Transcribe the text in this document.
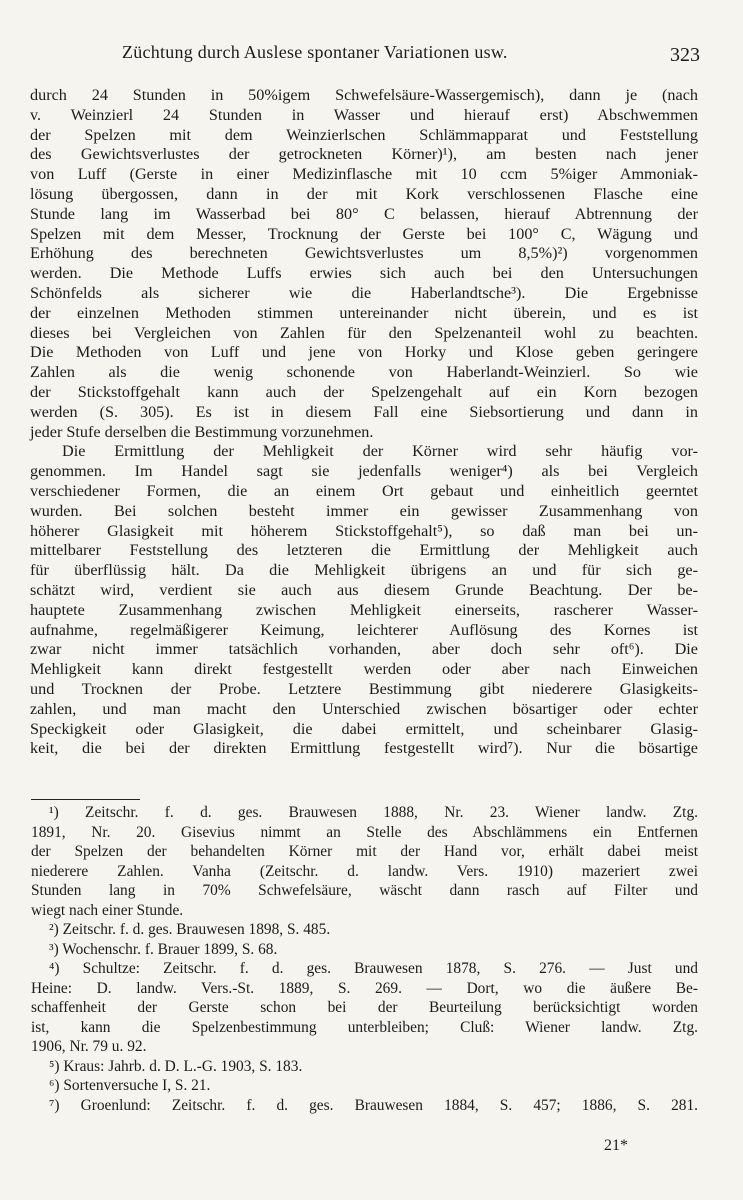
Züchtung durch Auslese spontaner Variationen usw.	323
durch 24 Stunden in 50%igem Schwefelsäure-Wassergemisch), dann je (nach
v. Weinzierl 24 Stunden in Wasser und hierauf erst) Abschwemmen
der Spelzen mit dem Weinzierlschen Schlämmapparat und Feststellung
des Gewichtsverlustes der getrockneten Körner)¹), am besten nach jener
von Luff (Gerste in einer Medizinflasche mit 10 ccm 5%iger Ammoniak-
lösung übergossen, dann in der mit Kork verschlossenen Flasche eine
Stunde lang im Wasserbad bei 80° C belassen, hierauf Abtrennung der
Spelzen mit dem Messer, Trocknung der Gerste bei 100° C, Wägung und
Erhöhung des berechneten Gewichtsverlustes um 8,5%)²) vorgenommen
werden. Die Methode Luffs erwies sich auch bei den Untersuchungen
Schönfelds als sicherer wie die Haberlandtsche³). Die Ergebnisse
der einzelnen Methoden stimmen untereinander nicht überein, und es ist
dieses bei Vergleichen von Zahlen für den Spelzenanteil wohl zu beachten.
Die Methoden von Luff und jene von Horky und Klose geben geringere
Zahlen als die wenig schonende von Haberlandt-Weinzierl. So wie
der Stickstoffgehalt kann auch der Spelzengehalt auf ein Korn bezogen
werden (S. 305). Es ist in diesem Fall eine Siebsortierung und dann in
jeder Stufe derselben die Bestimmung vorzunehmen.
Die Ermittlung der Mehligkeit der Körner wird sehr häufig vor-
genommen. Im Handel sagt sie jedenfalls weniger⁴) als bei Vergleich
verschiedener Formen, die an einem Ort gebaut und einheitlich geerntet
wurden. Bei solchen besteht immer ein gewisser Zusammenhang von
höherer Glasigkeit mit höherem Stickstoffgehalt⁵), so daß man bei un-
mittelbarer Feststellung des letzteren die Ermittlung der Mehligkeit auch
für überflüssig hält. Da die Mehligkeit übrigens an und für sich ge-
schätzt wird, verdient sie auch aus diesem Grunde Beachtung. Der be-
hauptete Zusammenhang zwischen Mehligkeit einerseits, rascherer Wasser-
aufnahme, regelmäßigerer Keimung, leichterer Auflösung des Kornes ist
zwar nicht immer tatsächlich vorhanden, aber doch sehr oft⁶). Die
Mehligkeit kann direkt festgestellt werden oder aber nach Einweichen
und Trocknen der Probe. Letztere Bestimmung gibt niederere Glasigkeits-
zahlen, und man macht den Unterschied zwischen bösartiger oder echter
Speckigkeit oder Glasigkeit, die dabei ermittelt, und scheinbarer Glasig-
keit, die bei der direkten Ermittlung festgestellt wird⁷). Nur die bösartige
¹) Zeitschr. f. d. ges. Brauwesen 1888, Nr. 23. Wiener landw. Ztg.
1891, Nr. 20. Gisevius nimmt an Stelle des Abschlämmens ein Entfernen
der Spelzen der behandelten Körner mit der Hand vor, erhält dabei meist
niederere Zahlen. Vanha (Zeitschr. d. landw. Vers. 1910) mazeriert zwei
Stunden lang in 70% Schwefelsäure, wäscht dann rasch auf Filter und
wiegt nach einer Stunde.
²) Zeitschr. f. d. ges. Brauwesen 1898, S. 485.
³) Wochenschr. f. Brauer 1899, S. 68.
⁴) Schultze: Zeitschr. f. d. ges. Brauwesen 1878, S. 276. — Just und
Heine: D. landw. Vers.-St. 1889, S. 269. — Dort, wo die äußere Be-
schaffenheit der Gerste schon bei der Beurteilung berücksichtigt worden
ist, kann die Spelzenbestimmung unterbleiben; Cluß: Wiener landw. Ztg.
1906, Nr. 79 u. 92.
⁵) Kraus: Jahrb. d. D. L.-G. 1903, S. 183.
⁶) Sortenversuche I, S. 21.
⁷) Groenlund: Zeitschr. f. d. ges. Brauwesen 1884, S. 457; 1886, S. 281.
21*
